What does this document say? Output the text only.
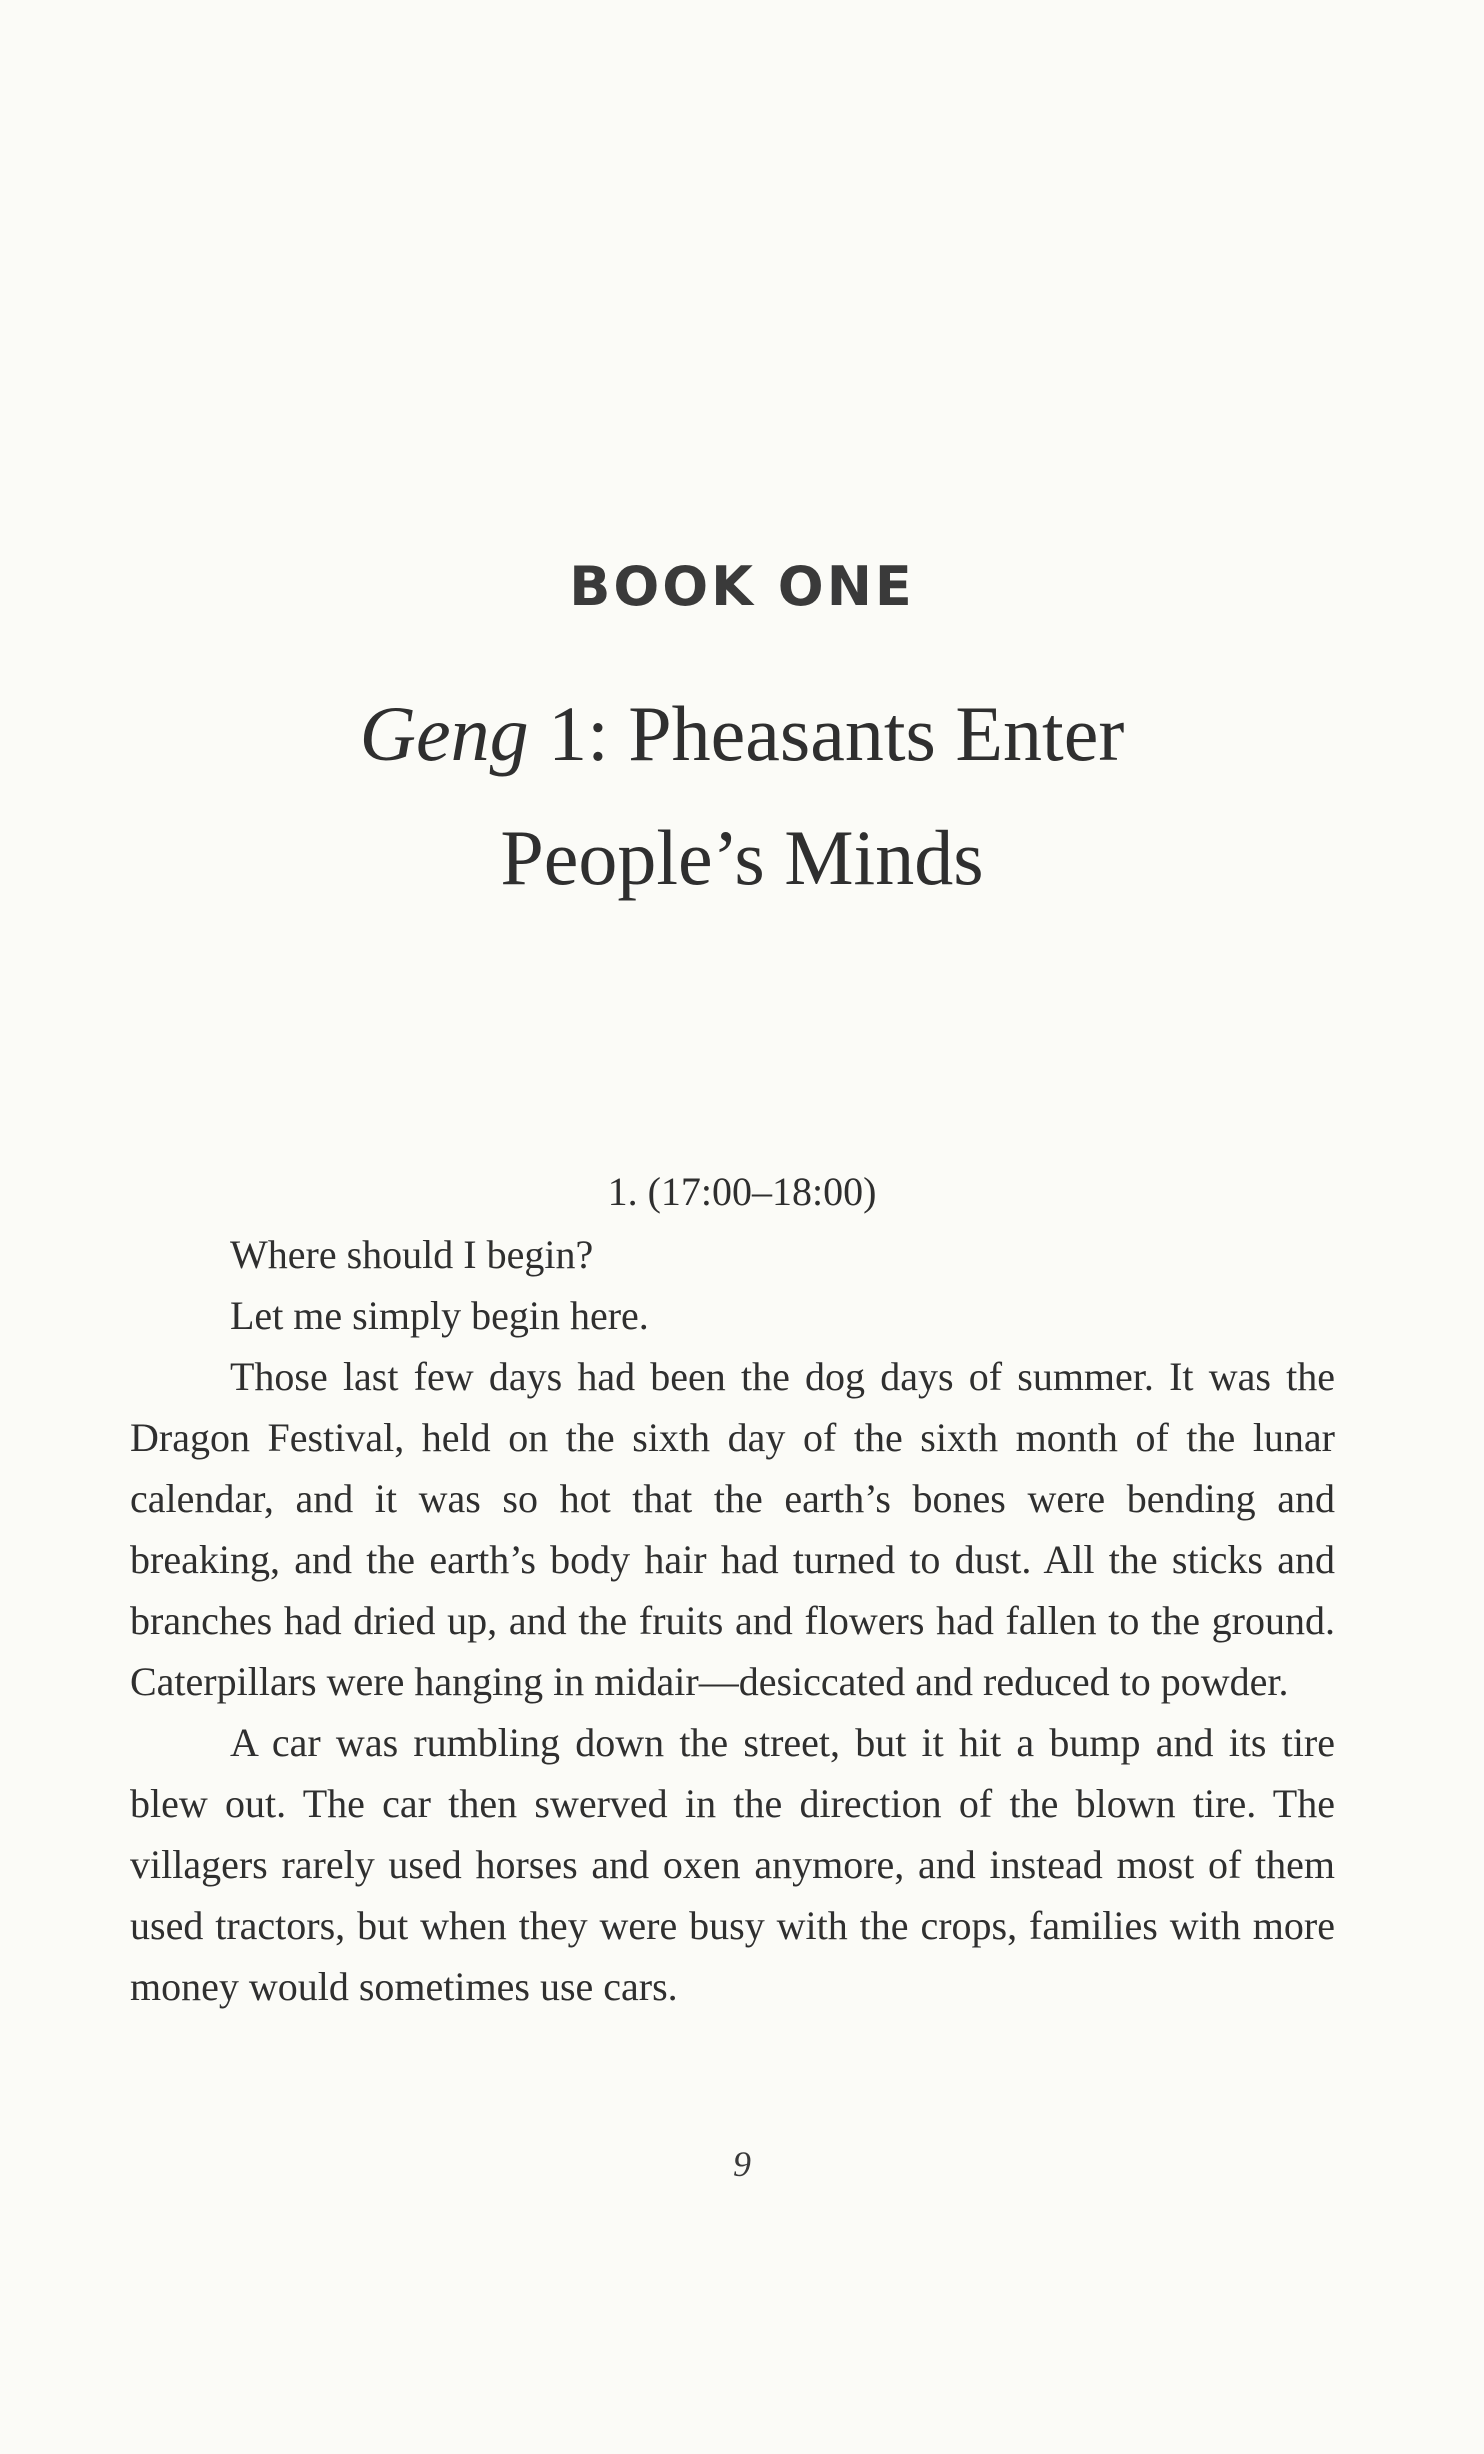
BOOK ONE
Geng 1: Pheasants Enter
People’s Minds
1. (17:00–18:00)

Where should I begin?

Let me simply begin here.

Those last few days had been the dog days of summer. It was the Dragon Festival, held on the sixth day of the sixth month of the lunar calendar, and it was so hot that the earth’s bones were bending and breaking, and the earth’s body hair had turned to dust. All the sticks and branches had dried up, and the fruits and flowers had fallen to the ground. Caterpillars were hanging in midair—desiccated and reduced to powder.

A car was rumbling down the street, but it hit a bump and its tire blew out. The car then swerved in the direction of the blown tire. The villagers rarely used horses and oxen anymore, and instead most of them used tractors, but when they were busy with the crops, families with more money would sometimes use cars.

9
